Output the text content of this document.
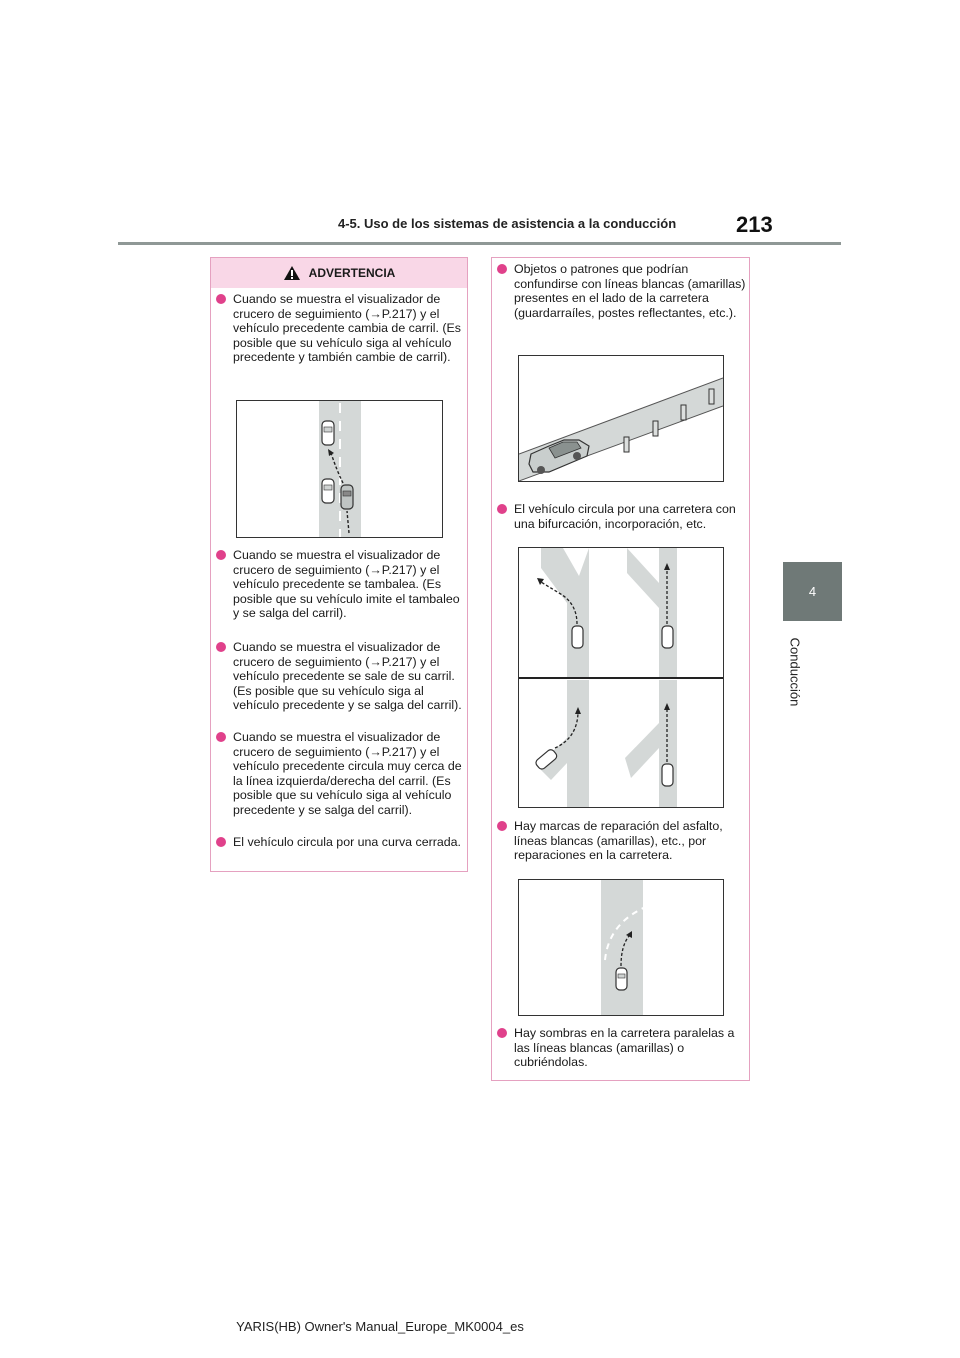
4-5. Uso de los sistemas de asistencia a la conducción	213
4
Conducción
ADVERTENCIA
Cuando se muestra el visualizador de crucero de seguimiento (→P.217) y el vehículo precedente cambia de carril. (Es posible que su vehículo siga al vehículo precedente y también cambie de carril).
Cuando se muestra el visualizador de crucero de seguimiento (→P.217) y el vehículo precedente se tambalea. (Es posible que su vehículo imite el tambaleo y se salga del carril).
Cuando se muestra el visualizador de crucero de seguimiento (→P.217) y el vehículo precedente se sale de su carril. (Es posible que su vehículo siga al vehículo precedente y se salga del carril).
Cuando se muestra el visualizador de crucero de seguimiento (→P.217) y el vehículo precedente circula muy cerca de la línea izquierda/derecha del carril. (Es posible que su vehículo siga al vehículo precedente y se salga del carril).
El vehículo circula por una curva cerrada.
Objetos o patrones que podrían confundirse con líneas blancas (amarillas) presentes en el lado de la carretera (guardarraíles, postes reflectantes, etc.).
El vehículo circula por una carretera con una bifurcación, incorporación, etc.
Hay marcas de reparación del asfalto, líneas blancas (amarillas), etc., por reparaciones en la carretera.
Hay sombras en la carretera paralelas a las líneas blancas (amarillas) o cubriéndolas.
YARIS(HB) Owner's Manual_Europe_MK0004_es
